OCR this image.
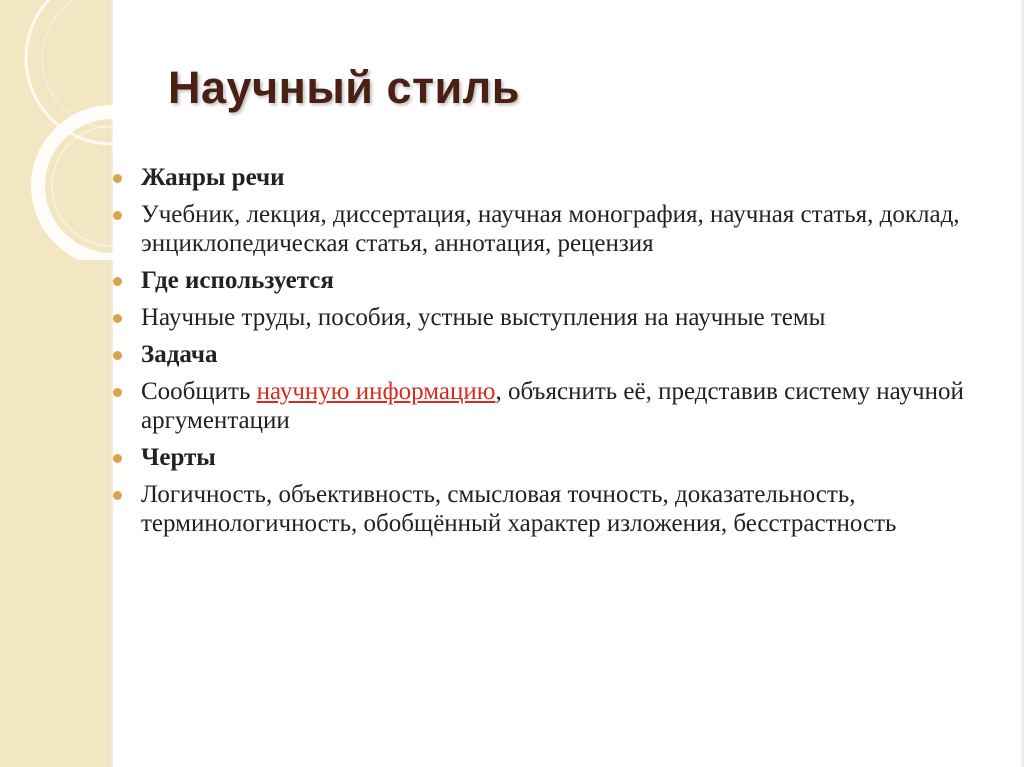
Научный стиль
Жанры речи
Учебник, лекция, диссертация, научная монография, научная статья, доклад, энциклопедическая статья, аннотация, рецензия
Где используется
Научные труды, пособия, устные выступления на научные темы
Задача
Сообщить научную информацию, объяснить её, представив систему научной аргументации
Черты
Логичность, объективность, смысловая точность, доказательность, терминологичность, обобщённый характер изложения, бесстрастность
